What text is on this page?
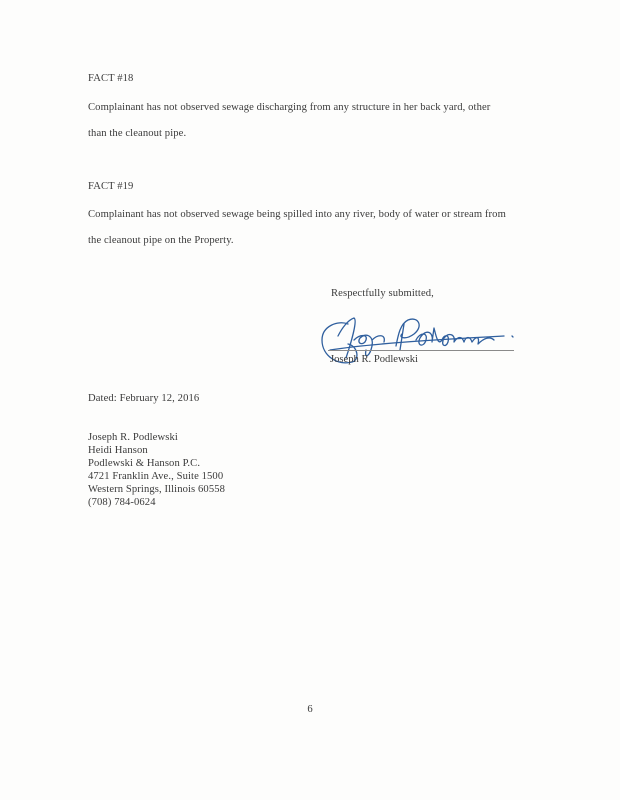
FACT #18
Complainant has not observed sewage discharging from any structure in her back yard, other
than the cleanout pipe.
FACT #19
Complainant has not observed sewage being spilled into any river, body of water or stream from
the cleanout pipe on the Property.
Respectfully submitted,
Joseph R. Podlewski
Dated: February 12, 2016
Joseph R. Podlewski
Heidi Hanson
Podlewski & Hanson P.C.
4721 Franklin Ave., Suite 1500
Western Springs, Illinois 60558
(708) 784-0624
6
